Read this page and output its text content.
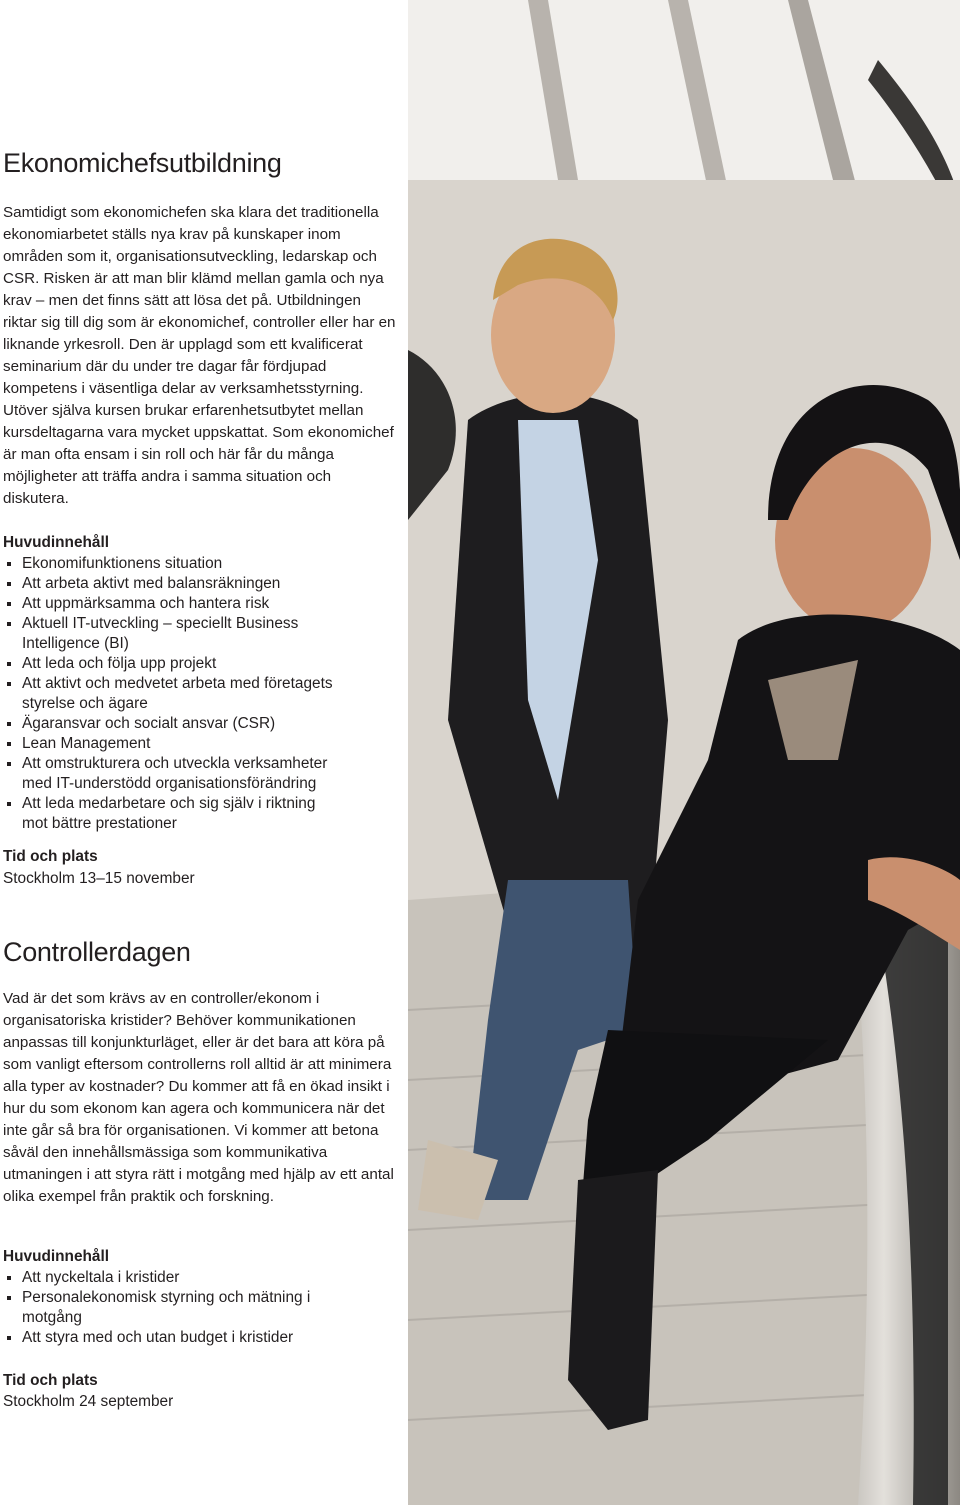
Ekonomichefsutbildning

Samtidigt som ekonomichefen ska klara det traditionella ekonomiarbetet ställs nya krav på kunskaper inom områden som it, organisationsutveckling, ledarskap och CSR. Risken är att man blir klämd mellan gamla och nya krav – men det finns sätt att lösa det på. Utbildningen riktar sig till dig som är ekonomichef, controller eller har en liknande yrkesroll. Den är upplagd som ett kvalificerat seminarium där du under tre dagar får fördjupad kompetens i väsentliga delar av verksamhetsstyrning. Utöver själva kursen brukar erfarenhetsutbytet mellan kursdeltagarna vara mycket uppskattat. Som ekonomichef är man ofta ensam i sin roll och här får du många möjligheter att träffa andra i samma situation och diskutera.

Huvudinnehåll
Ekonomifunktionens situation
Att arbeta aktivt med balansräkningen
Att uppmärksamma och hantera risk
Aktuell IT-utveckling – speciellt Business Intelligence (BI)
Att leda och följa upp projekt
Att aktivt och medvetet arbeta med företagets styrelse och ägare
Ägaransvar och socialt ansvar (CSR)
Lean Management
Att omstrukturera och utveckla verksamheter med IT-understödd organisationsförändring
Att leda medarbetare och sig själv i riktning mot bättre prestationer
Tid och plats
Stockholm 13–15 november
Controllerdagen

Vad är det som krävs av en controller/ekonom i organisatoriska kristider? Behöver kommunikationen anpassas till konjunkturläget, eller är det bara att köra på som vanligt eftersom controllerns roll alltid är att minimera alla typer av kostnader? Du kommer att få en ökad insikt i hur du som ekonom kan agera och kommunicera när det inte går så bra för organisationen. Vi kommer att betona såväl den innehållsmässiga som kommunikativa utmaningen i att styra rätt i motgång med hjälp av ett antal olika exempel från praktik och forskning.

Huvudinnehåll
Att nyckeltala i kristider
Personalekonomisk styrning och mätning i motgång
Att styra med och utan budget i kristider
Tid och plats
Stockholm 24 september
